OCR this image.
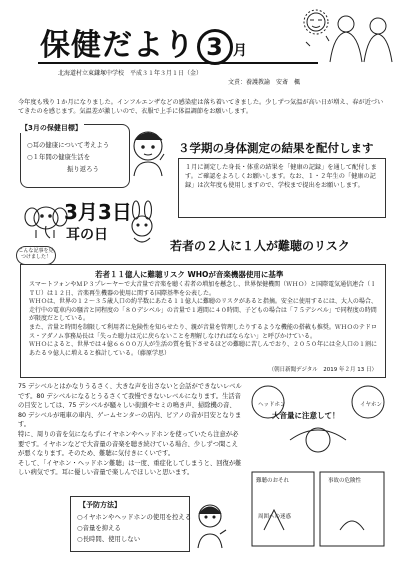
保健だより 3 月
北海道村立東鎌塚中学校　 平成３１年３月１日（金）
文責：養護教諭　安斎　楓
今年度も残り１か月になりました。インフルエンザなどの感染症は落ち着いてきました。少しずつ気温が高い日が増え、春が近づいてきたのを感じます。気温差が激しいので、衣服で上手に体温調節をお願いします。
【3月の保健目標】
○耳の健康について考えよう
○１年間の健康生活を
振り返ろう
３学期の身体測定の結果を配付します
１月に測定した身長・体重の結果を「健康の記録」を通して配付します。ご確認をよろしくお願いします。なお、１・２年生の「健康の記録」は次年度も使用しますので、学校まで提出をお願いします。
3月3日
耳の日
こんな記事を見つけました！
若者の２人に１人が難聴のリスク
若者１１億人に難聴リスク WHOが音楽機器使用に基準
スマートフォンやＭＰ３プレーヤーで大音量で音楽を聴く若者の増加を懸念し、世界保健機関（ＷＨＯ）と国際電気通信連合（ＩＴＵ）は１２日、音楽再生機器の使用に関する国際基準を公表した。
ＷＨＯは、世界の１２～３５歳人口の約半数にあたる１１億人に難聴のリスクがあると指摘。安全に使用するには、大人の場合、走行中の電車内の騒音と同程度の「８０デシベル」の音量で１週間に４０時間、子どもの場合は「７５デシベル」で同程度の時間が限度だとしている。
また、音量と時間を制限して利用者に危険性を知らせたり、親が音量を管理したりするような機能の搭載も推奨。ＷＨＯのテドロス・アダノム事務局長は「失った聴力は元に戻らないことを理解しなければならない」と呼びかけている。
ＷＨＯによると、世界では４億６６００万人が生活の質を低下させるほどの難聴に苦しんでおり、２０５０年には全人口の１割にあたる９億人に増えると推計している。（藤原学思）
（朝日新聞デジタル　2019 年２月 13 日）
75 デシベルとはかなりうるさく、大きな声を出さないと会話ができないレベルです。80 デシベルになるとうるさくて我慢できないレベルになります。生活音の目安としては、75 デシベルが騒々しい街頭やセミの鳴き声、掃除機の音、80 デシベルが電車の車内、ゲームセンターの店内、ピアノの音が目安となります。
特に、周りの音を気にならずにイヤホンやヘッドホンを使っていたら注意が必要です。イヤホンなどで大音量の音楽を聴き続けている場合、少しずつ聞こえが悪くなります。そのため、難聴に気付きにくいです。
そして、「イヤホン・ヘッドホン難聴」は一度、重症化してしまうと、回復が難しい病気です。耳に優しい音量で楽しんでほしいと思います。
【予防方法】
○イヤホンやヘッドホンの使用を控える
○音量を抑える
○長時間、使用しない
ヘッドホン	イヤホン
大音量に注意して！
難聴のおそれ	事故の危険性
周囲への迷惑
